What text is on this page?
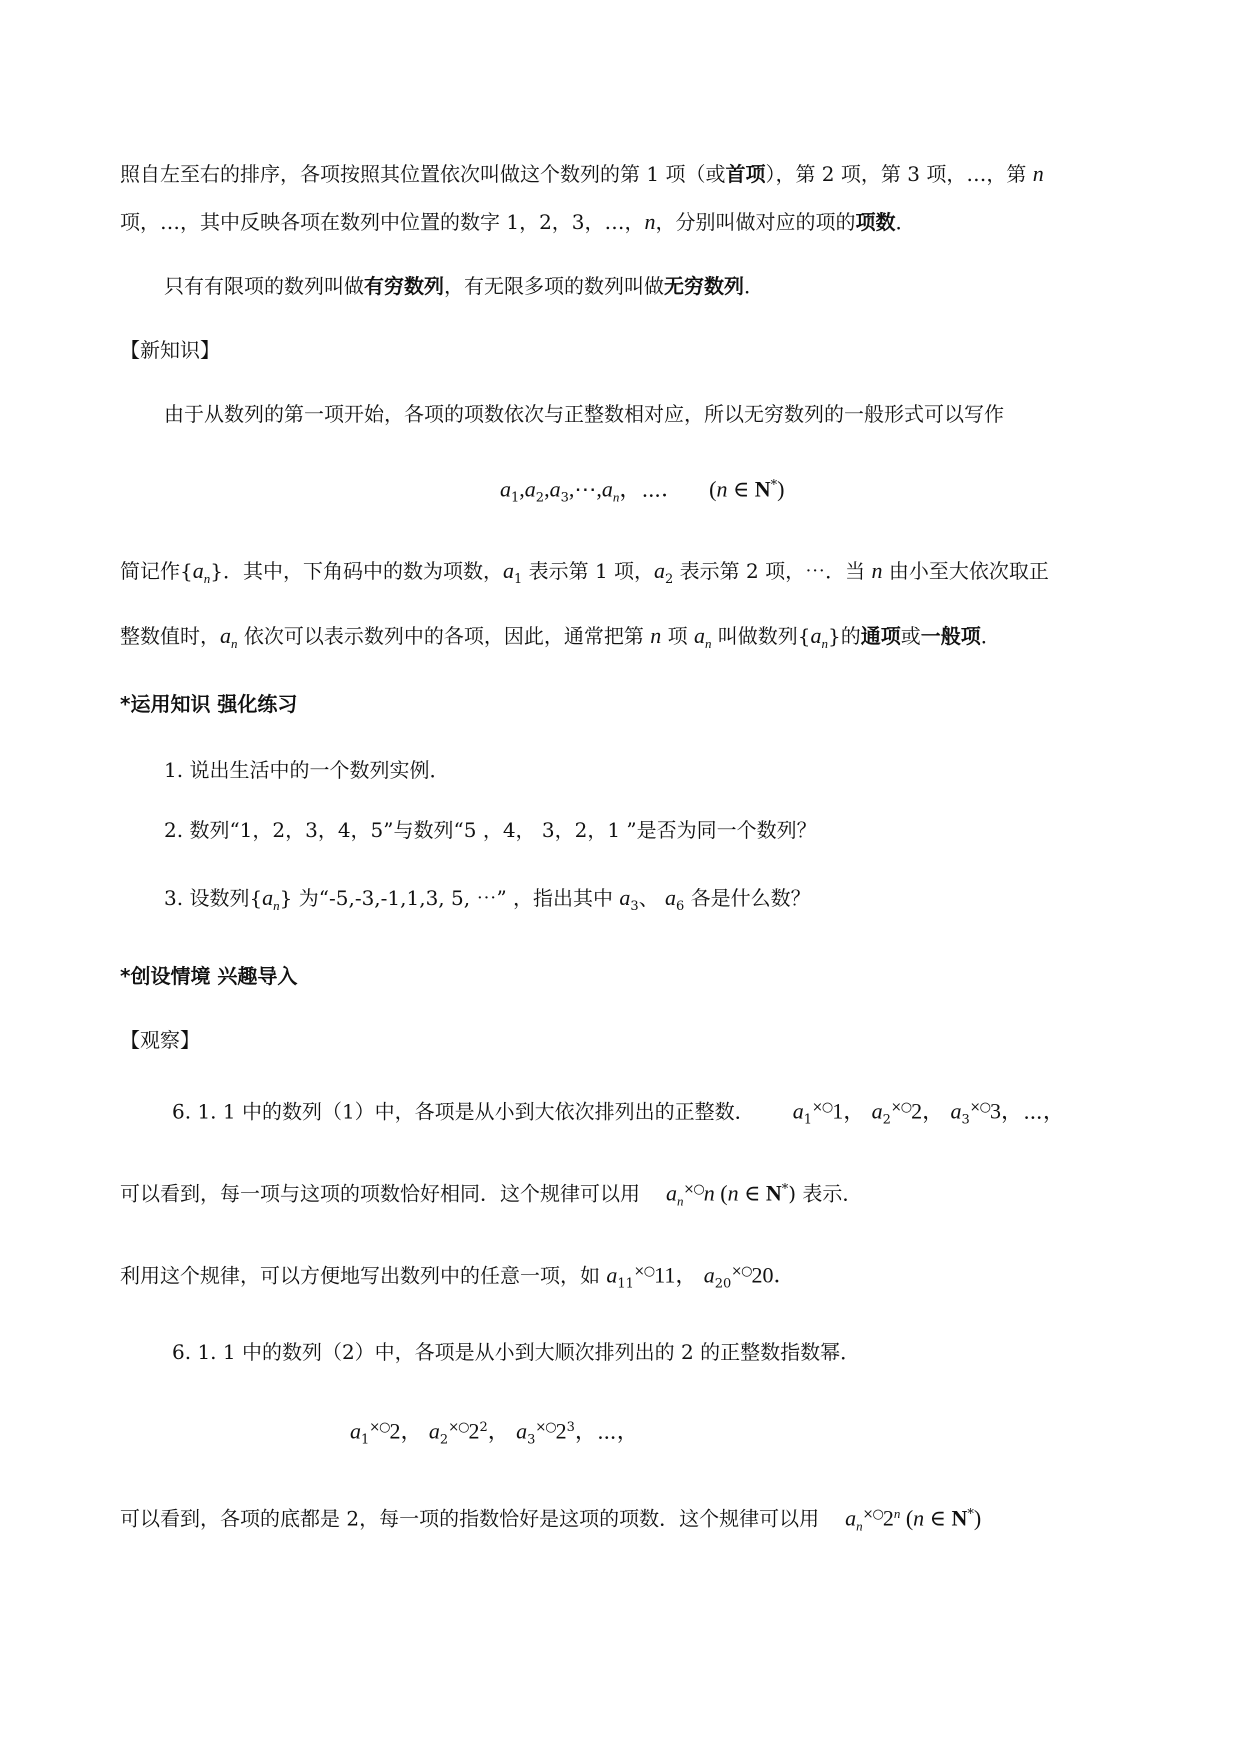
照自左至右的排序，各项按照其位置依次叫做这个数列的第 1 项（或首项），第 2 项，第 3 项，…，第 n
项，…，其中反映各项在数列中位置的数字 1，2，3，…，n，分别叫做对应的项的项数．
只有有限项的数列叫做有穷数列，有无限多项的数列叫做无穷数列．
【新知识】
由于从数列的第一项开始，各项的项数依次与正整数相对应，所以无穷数列的一般形式可以写作
$a_1,a_2,a_3,\cdots,a_n$，⋯． (n ∈ N*)
简记作$\{a_n\}$．其中，下角码中的数为项数，$a_1$ 表示第 1 项，$a_2$ 表示第 2 项，⋯．当 n 由小至大依次取正
整数值时，$a_n$ 依次可以表示数列中的各项，因此，通常把第 n 项 $a_n$ 叫做数列$\{a_n\}$的通项或一般项．
*运用知识 强化练习
1. 说出生活中的一个数列实例．
2. 数列“1，2，3，4，5”与数列“5 ，4， 3，2，1 ”是否为同一个数列？
3. 设数列$\{a_n\}$ 为“-5,-3,-1,1,3, 5, ⋯” ，指出其中 $a_3$、 $a_6$ 各是什么数？
*创设情境 兴趣导入
【观察】
6. 1. 1 中的数列（1）中，各项是从小到大依次排列出的正整数． $a_1^{\times○}1$， $a_2^{\times○}2$， $a_3^{\times○}3$，⋯，
可以看到，每一项与这项的项数恰好相同．这个规律可以用 $a_n^{\times○}n$ (n ∈ N*) 表示．
利用这个规律，可以方便地写出数列中的任意一项，如 $a_{11}^{\times○}11$， $a_{20}^{\times○}20$．
6. 1. 1 中的数列（2）中，各项是从小到大顺次排列出的 2 的正整数指数幂．
$a_1^{\times○}2$， $a_2^{\times○}2^2$， $a_3^{\times○}2^3$，⋯，
可以看到，各项的底都是 2，每一项的指数恰好是这项的项数．这个规律可以用 $a_n^{\times○}2^n$ (n ∈ N*)
